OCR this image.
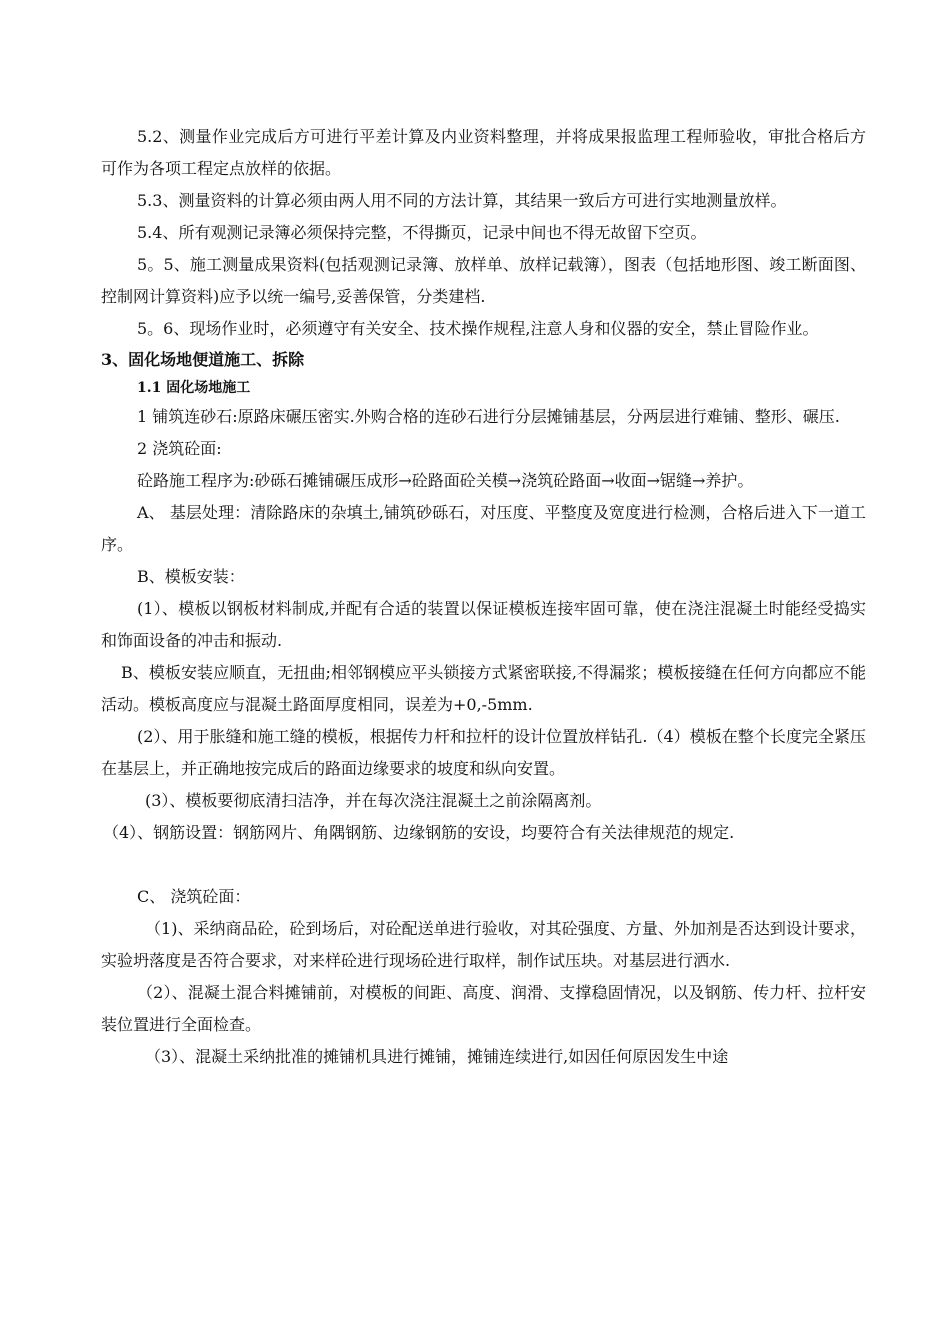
5.2、测量作业完成后方可进行平差计算及内业资料整理，并将成果报监理工程师验收，审批合格后方可作为各项工程定点放样的依据。

5.3、测量资料的计算必须由两人用不同的方法计算，其结果一致后方可进行实地测量放样。

5.4、所有观测记录簿必须保持完整，不得撕页，记录中间也不得无故留下空页。

5。5、施工测量成果资料(包括观测记录簿、放样单、放样记载簿），图表（包括地形图、竣工断面图、控制网计算资料)应予以统一编号,妥善保管，分类建档.

5。6、现场作业时，必须遵守有关安全、技术操作规程,注意人身和仪器的安全，禁止冒险作业。

3、固化场地便道施工、拆除

1.1 固化场地施工

1 铺筑连砂石:原路床碾压密实.外购合格的连砂石进行分层摊铺基层，分两层进行难铺、整形、碾压.

2 浇筑砼面:

砼路施工程序为:砂砾石摊铺碾压成形→砼路面砼关模→浇筑砼路面→收面→锯缝→养护。

A、 基层处理：清除路床的杂填土,铺筑砂砾石，对压度、平整度及宽度进行检测，合格后进入下一道工序。

B、模板安装：

(1）、模板以钢板材料制成,并配有合适的装置以保证模板连接牢固可靠，使在浇注混凝土时能经受捣实和饰面设备的冲击和振动.

B、模板安装应顺直，无扭曲;相邻钢模应平头锁接方式紧密联接,不得漏浆；模板接缝在任何方向都应不能活动。模板高度应与混凝土路面厚度相同，误差为+0,-5mm.

(2）、用于胀缝和施工缝的模板，根据传力杆和拉杆的设计位置放样钻孔.（4）模板在整个长度完全紧压在基层上，并正确地按完成后的路面边缘要求的坡度和纵向安置。

(3）、模板要彻底清扫洁净，并在每次浇注混凝土之前涂隔离剂。

（4）、钢筋设置：钢筋网片、角隅钢筋、边缘钢筋的安设，均要符合有关法律规范的规定.

C、 浇筑砼面：

（1)、采纳商品砼，砼到场后，对砼配送单进行验收，对其砼强度、方量、外加剂是否达到设计要求，实验坍落度是否符合要求，对来样砼进行现场砼进行取样，制作试压块。对基层进行洒水.

（2）、混凝土混合料摊铺前，对模板的间距、高度、润滑、支撑稳固情况，以及钢筋、传力杆、拉杆安装位置进行全面检查。

（3）、混凝土采纳批准的摊铺机具进行摊铺，摊铺连续进行,如因任何原因发生中途
